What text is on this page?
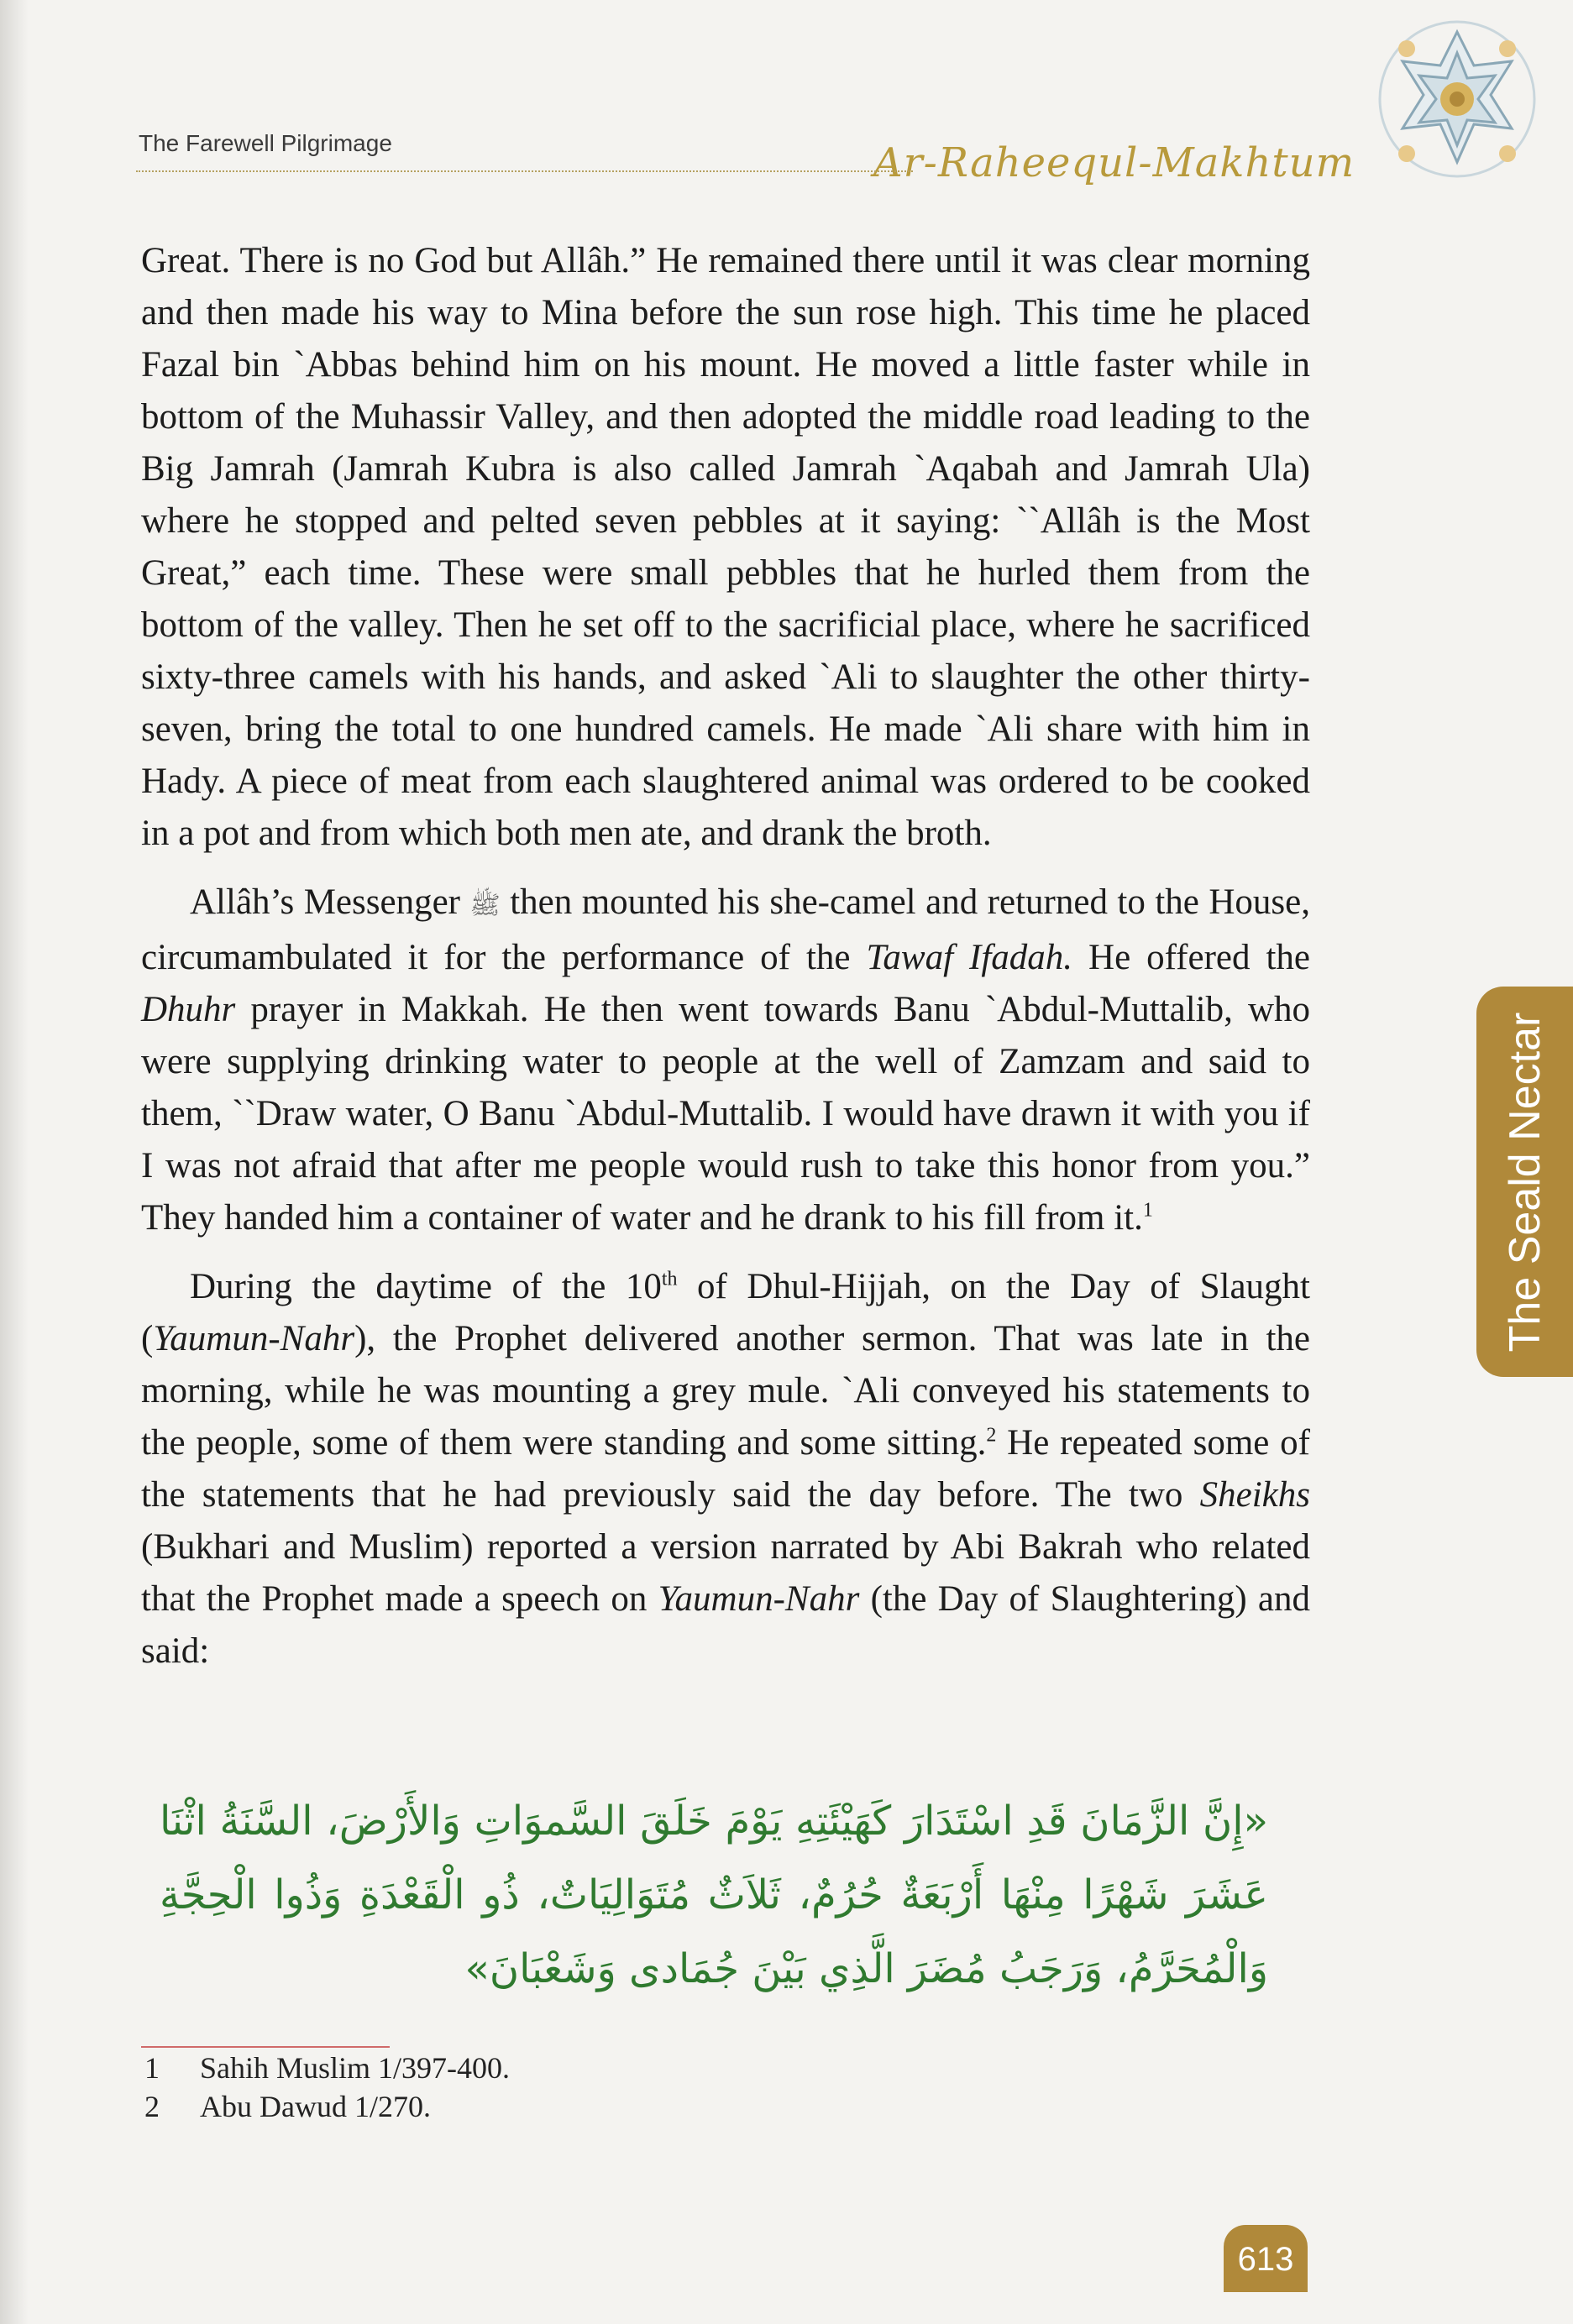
The Farewell Pilgrimage	Ar-Raheequl-Makhtum

Great. There is no God but Allâh.” He remained there until it was clear morning and then made his way to Mina before the sun rose high. This time he placed Fazal bin `Abbas behind him on his mount. He moved a little faster while in bottom of the Muhassir Valley, and then adopted the middle road leading to the Big Jamrah (Jamrah Kubra is also called Jamrah `Aqabah and Jamrah Ula) where he stopped and pelted seven pebbles at it saying: ``Allâh is the Most Great,” each time. These were small pebbles that he hurled them from the bottom of the valley. Then he set off to the sacrificial place, where he sacrificed sixty-three camels with his hands, and asked `Ali to slaughter the other thirty-seven, bring the total to one hundred camels. He made `Ali share with him in Hady. A piece of meat from each slaughtered animal was ordered to be cooked in a pot and from which both men ate, and drank the broth.

Allâh’s Messenger ﷺ then mounted his she-camel and returned to the House, circumambulated it for the performance of the Tawaf Ifadah. He offered the Dhuhr prayer in Makkah. He then went towards Banu `Abdul-Muttalib, who were supplying drinking water to people at the well of Zamzam and said to them, ``Draw water, O Banu `Abdul-Muttalib. I would have drawn it with you if I was not afraid that after me people would rush to take this honor from you.” They handed him a container of water and he drank to his fill from it.$^1$

During the daytime of the 10th of Dhul-Hijjah, on the Day of Slaught (Yaumun-Nahr), the Prophet delivered another sermon. That was late in the morning, while he was mounting a grey mule. `Ali conveyed his statements to the people, some of them were standing and some sitting.$^2$ He repeated some of the statements that he had previously said the day before. The two Sheikhs (Bukhari and Muslim) reported a version narrated by Abi Bakrah who related that the Prophet made a speech on Yaumun-Nahr (the Day of Slaughtering) and said:

«إِنَّ الزَّمَانَ قَدِ اسْتَدَارَ كَهَيْئَتِهِ يَوْمَ خَلَقَ السَّموَاتِ وَالأَرْضَ، السَّنَةُ اثْنَا عَشَرَ شَهْرًا مِنْهَا أَرْبَعَةٌ حُرُمٌ، ثَلاَثٌ مُتَوَالِيَاتٌ، ذُو الْقَعْدَةِ وَذُوا الْحِجَّةِ وَالْمُحَرَّمُ، وَرَجَبُ مُضَرَ الَّذِي بَيْنَ جُمَادى وَشَعْبَانَ»
1	Sahih Muslim 1/397-400.
2	Abu Dawud 1/270.
The Seald Nectar
613
